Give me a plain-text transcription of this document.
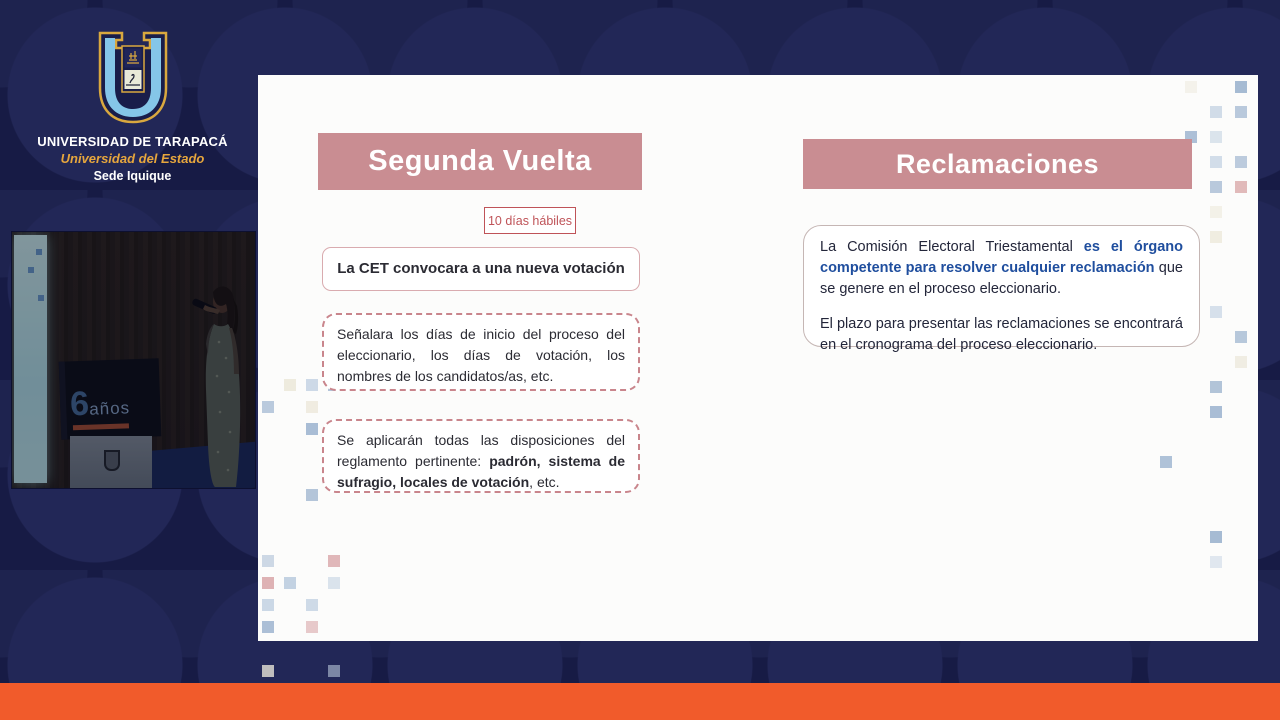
UNIVERSIDAD DE TARAPACÁ
Universidad del Estado
Sede Iquique
6años
Segunda Vuelta
10 días hábiles
La CET convocara a una nueva votación
Señalara los días de inicio del proceso del eleccionario, los días de votación, los nombres de los candidatos/as, etc.
Se aplicarán todas las disposiciones del reglamento pertinente: padrón, sistema de sufragio, locales de votación, etc.
Reclamaciones

La Comisión Electoral Triestamental es el órgano competente para resolver cualquier reclamación que se genere en el proceso eleccionario.

El plazo para presentar las reclamaciones se encontrará en el cronograma del proceso eleccionario.
